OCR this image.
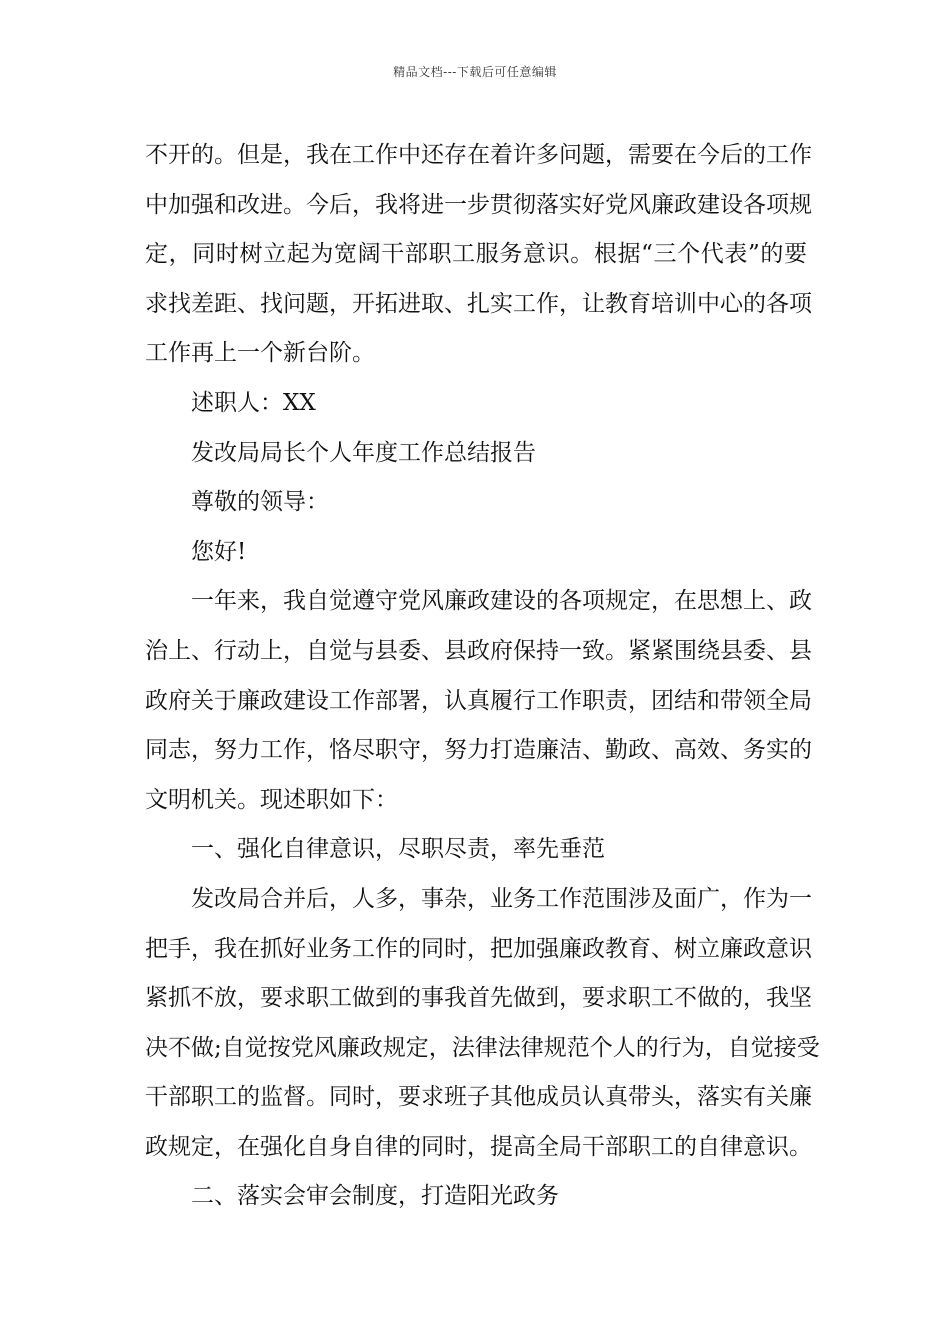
精品文档---下载后可任意编辑
不开的。但是，我在工作中还存在着许多问题，需要在今后的工作
中加强和改进。今后，我将进一步贯彻落实好党风廉政建设各项规
定，同时树立起为宽阔干部职工服务意识。根据“三个代表”的要
求找差距、找问题，开拓进取、扎实工作，让教育培训中心的各项
工作再上一个新台阶。
述职人：XX
发改局局长个人年度工作总结报告
尊敬的领导：
您好!
一年来，我自觉遵守党风廉政建设的各项规定，在思想上、政
治上、行动上，自觉与县委、县政府保持一致。紧紧围绕县委、县
政府关于廉政建设工作部署，认真履行工作职责，团结和带领全局
同志，努力工作，恪尽职守，努力打造廉洁、勤政、高效、务实的
文明机关。现述职如下：
一、强化自律意识，尽职尽责，率先垂范
发改局合并后，人多，事杂，业务工作范围涉及面广，作为一
把手，我在抓好业务工作的同时，把加强廉政教育、树立廉政意识
紧抓不放，要求职工做到的事我首先做到，要求职工不做的，我坚
决不做;自觉按党风廉政规定，法律法律规范个人的行为，自觉接受
干部职工的监督。同时，要求班子其他成员认真带头，落实有关廉
政规定，在强化自身自律的同时，提高全局干部职工的自律意识。
二、落实会审会制度，打造阳光政务
